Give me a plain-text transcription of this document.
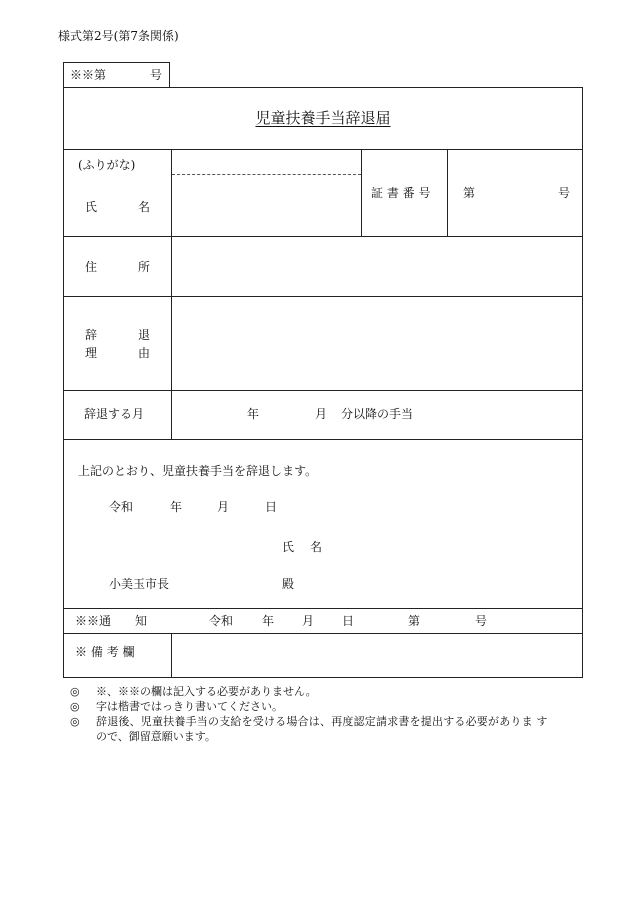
様式第2号(第7条関係)
※※第	号
児童扶養手当辞退届
(ふりがな)
氏	名
証 書 番 号	第	号
住	所
辞	退
理	由
辞退する月	年	月 分以降の手当
上記のとおり、児童扶養手当を辞退します。
令和	年	月	日
氏 名
小美玉市長	殿
※※通　　知	令和 年 月 日	第	号
※ 備 考 欄
◎ ※、※※の欄は記入する必要がありません。
◎ 字は楷書ではっきり書いてください。
◎ 辞退後、児童扶養手当の支給を受ける場合は、再度認定請求書を提出する必要がありま す
ので、御留意願います。
